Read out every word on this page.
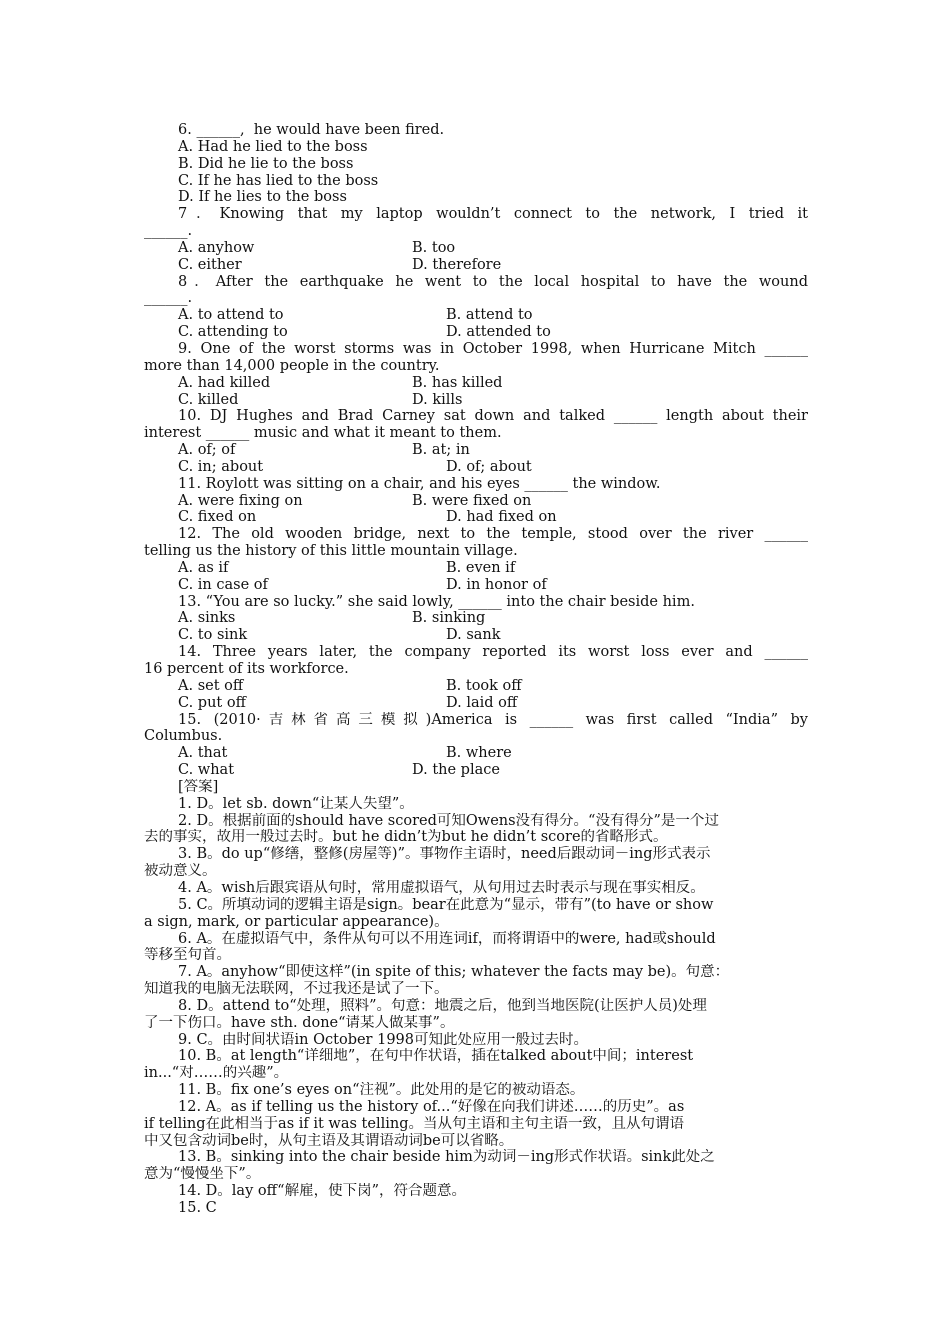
6. ______,  he would have been fired.
A. Had he lied to the boss
B. Did he lie to the boss
C. If he has lied to the boss
D. If he lies to the boss
7．Knowing that my laptop wouldn’t connect to the network, I tried it
______.
A. anyhow	B. too
C. either	D. therefore
8．After the earthquake he went to the local hospital to have the wound
______.
A. to attend to	B. attend to
C. attending to	D. attended to
9. One of the worst storms was in October 1998, when Hurricane Mitch ______
more than 14,000 people in the country.
A. had killed	B. has killed
C. killed	D. kills
10. DJ Hughes and Brad Carney sat down and talked ______ length about their
interest ______ music and what it meant to them.
A. of; of	B. at; in
C. in; about	D. of; about
11. Roylott was sitting on a chair, and his eyes ______ the window.
A. were fixing on	B. were fixed on
C. fixed on	D. had fixed on
12. The old wooden bridge, next to the temple, stood over the river ______
telling us the history of this little mountain village.
A. as if	B. even if
C. in case of	D. in honor of
13. “You are so lucky.” she said lowly, ______ into the chair beside him.
A. sinks	B. sinking
C. to sink	D. sank
14. Three years later, the company reported its worst loss ever and ______
16 percent of its workforce.
A. set off	B. took off
C. put off	D. laid off
15. (2010·吉林省高三模拟)America is ______ was first called “India” by
Columbus.
A. that	B. where
C. what	D. the place
[答案]
1. D。let sb. down“让某人失望”。
2. D。根据前面的should have scored可知Owens没有得分。“没有得分”是一个过
去的事实，故用一般过去时。but he didn’t为but he didn’t score的省略形式。
3. B。do up“修缮，整修(房屋等)”。事物作主语时，need后跟动词－ing形式表示
被动意义。
4. A。wish后跟宾语从句时，常用虚拟语气，从句用过去时表示与现在事实相反。
5. C。所填动词的逻辑主语是sign。bear在此意为“显示，带有”(to have or show
a sign, mark, or particular appearance)。
6. A。在虚拟语气中，条件从句可以不用连词if，而将谓语中的were, had或should
等移至句首。
7. A。anyhow“即使这样”(in spite of this; whatever the facts may be)。句意：
知道我的电脑无法联网，不过我还是试了一下。
8. D。attend to“处理，照料”。句意：地震之后，他到当地医院(让医护人员)处理
了一下伤口。have sth. done“请某人做某事”。
9. C。由时间状语in October 1998可知此处应用一般过去时。
10. B。at length“详细地”，在句中作状语，插在talked about中间；interest
in...“对……的兴趣”。
11. B。fix one’s eyes on“注视”。此处用的是它的被动语态。
12. A。as if telling us the history of...“好像在向我们讲述……的历史”。as
if telling在此相当于as if it was telling。当从句主语和主句主语一致，且从句谓语
中又包含动词be时，从句主语及其谓语动词be可以省略。
13. B。sinking into the chair beside him为动词－ing形式作状语。sink此处之
意为“慢慢坐下”。
14. D。lay off“解雇，使下岗”，符合题意。
15. C
